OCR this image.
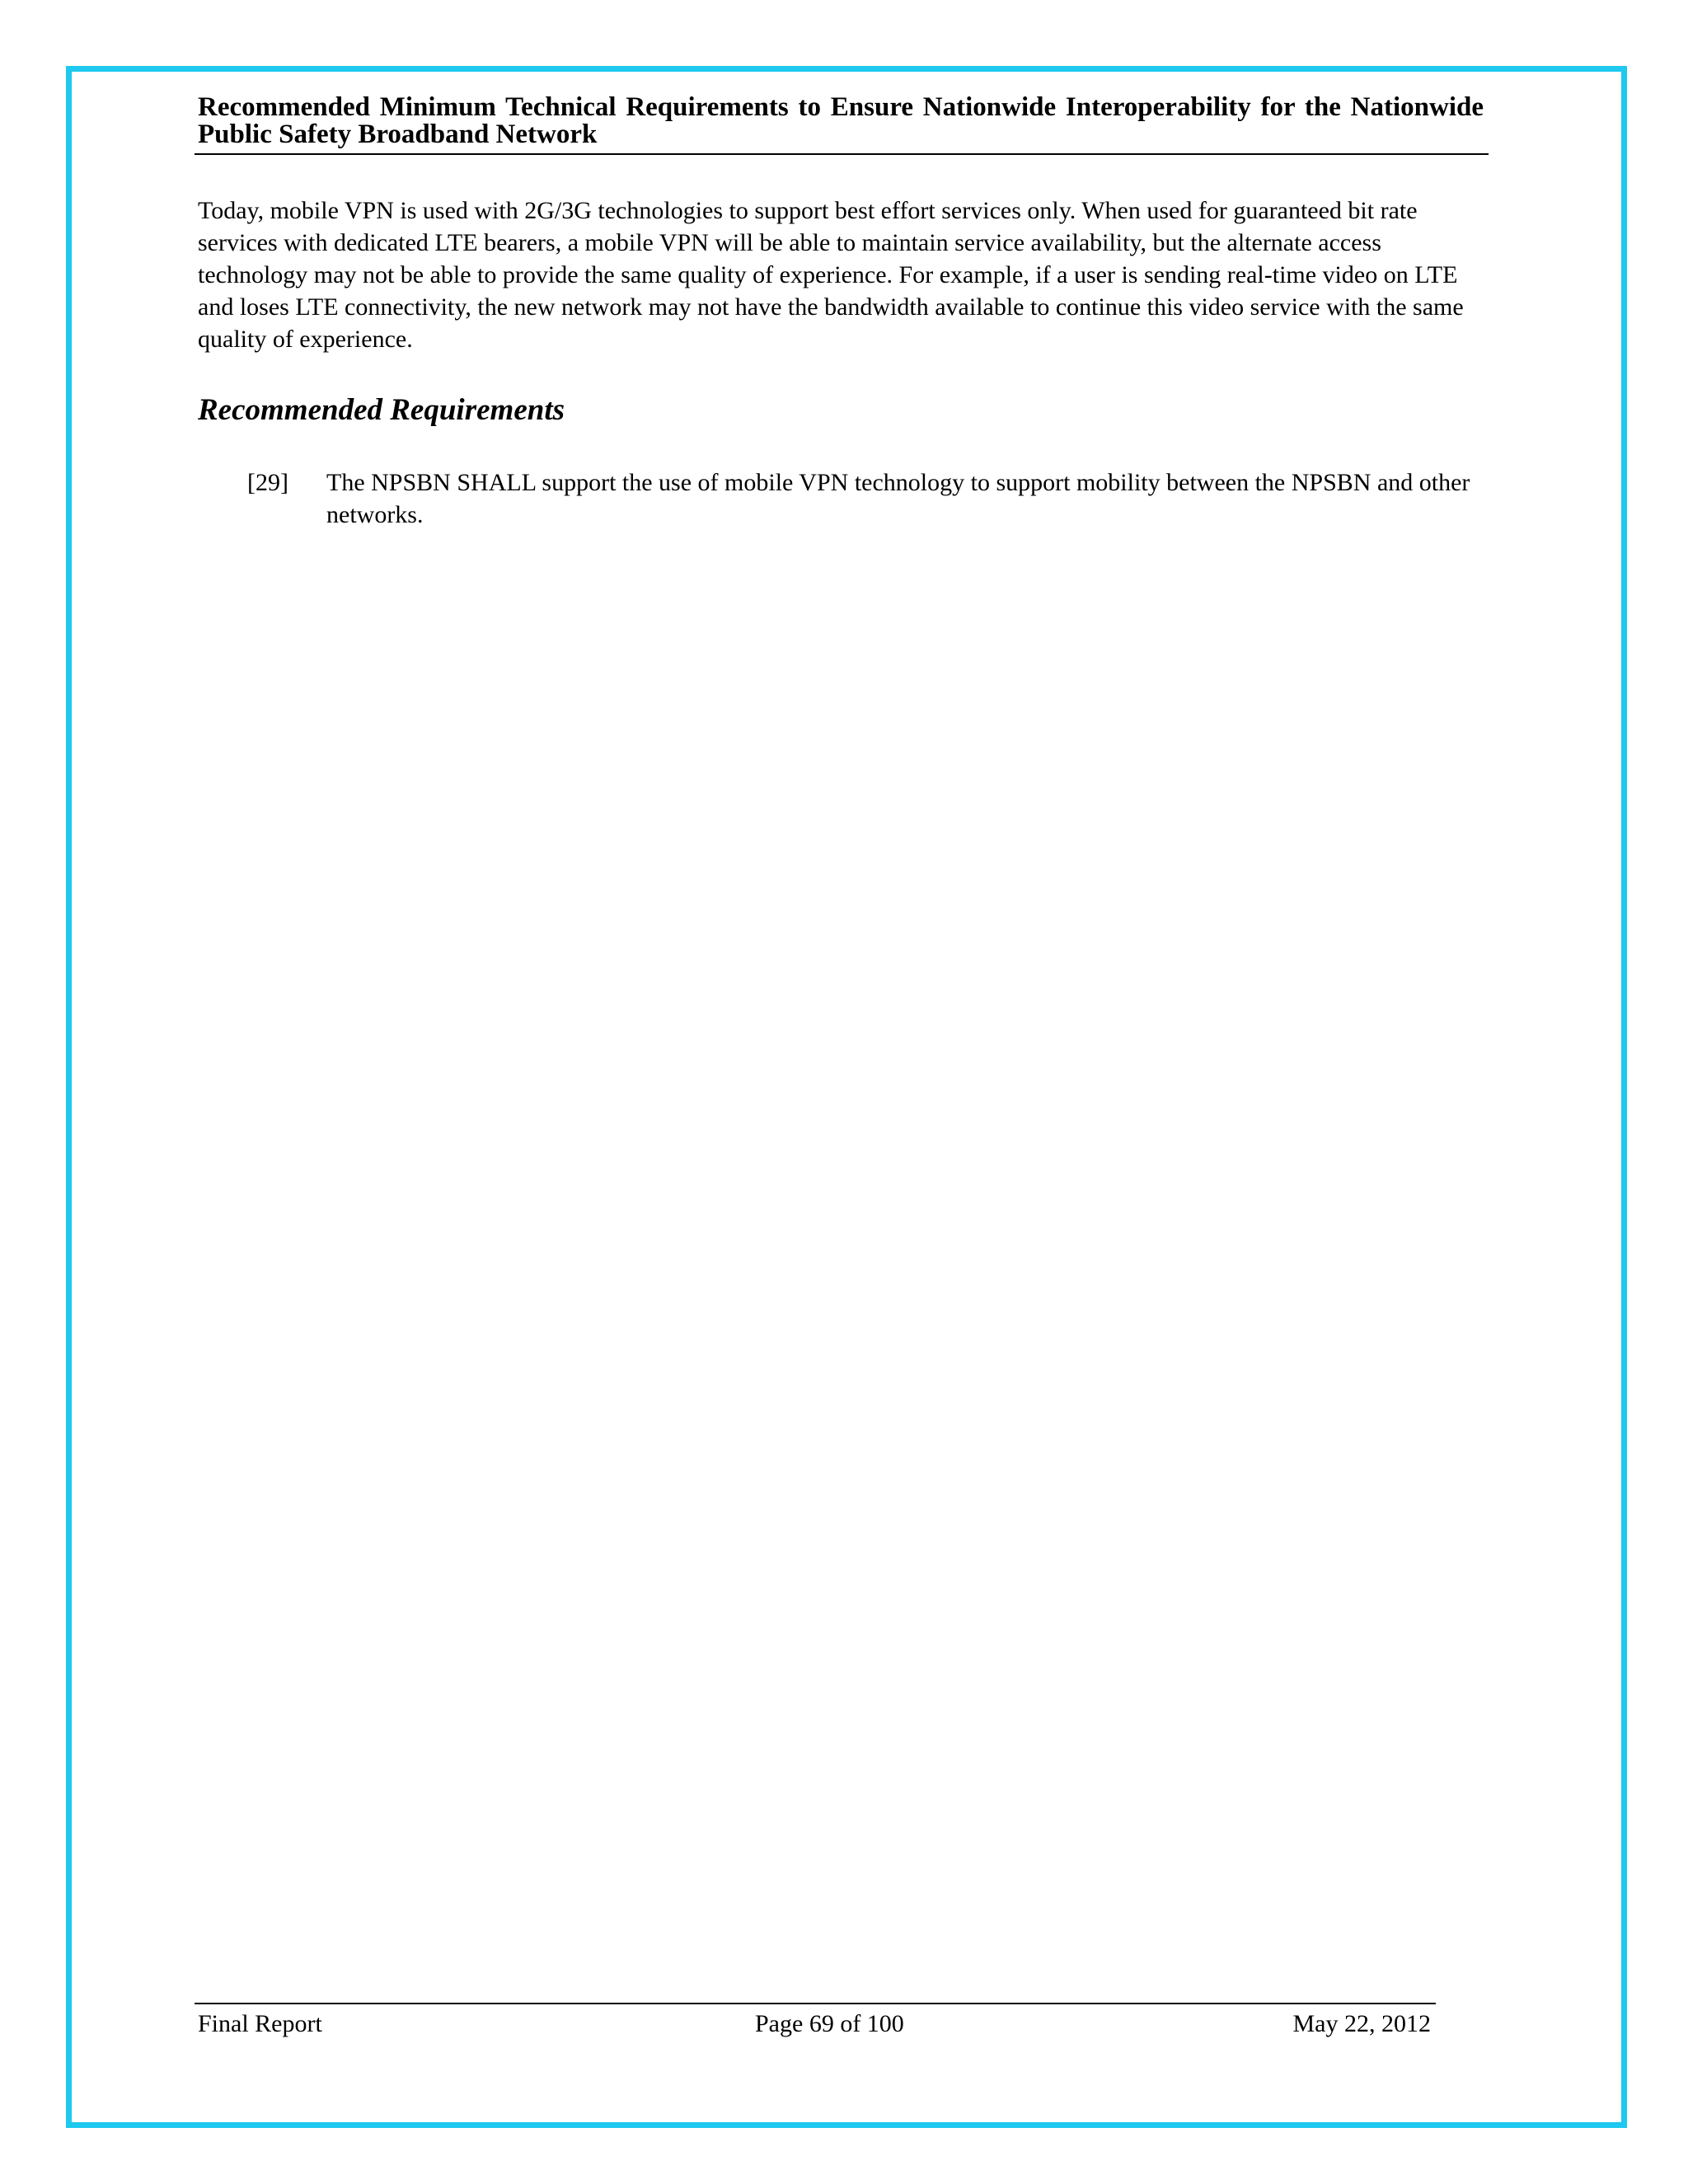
Recommended Minimum Technical Requirements to Ensure Nationwide Interoperability for the Nationwide Public Safety Broadband Network
Today, mobile VPN is used with 2G/3G technologies to support best effort services only. When used for guaranteed bit rate services with dedicated LTE bearers, a mobile VPN will be able to maintain service availability, but the alternate access technology may not be able to provide the same quality of experience. For example, if a user is sending real-time video on LTE and loses LTE connectivity, the new network may not have the bandwidth available to continue this video service with the same quality of experience.
Recommended Requirements
[29]	The NPSBN SHALL support the use of mobile VPN technology to support mobility between the NPSBN and other networks.
Final Report	Page 69 of 100	May 22, 2012
